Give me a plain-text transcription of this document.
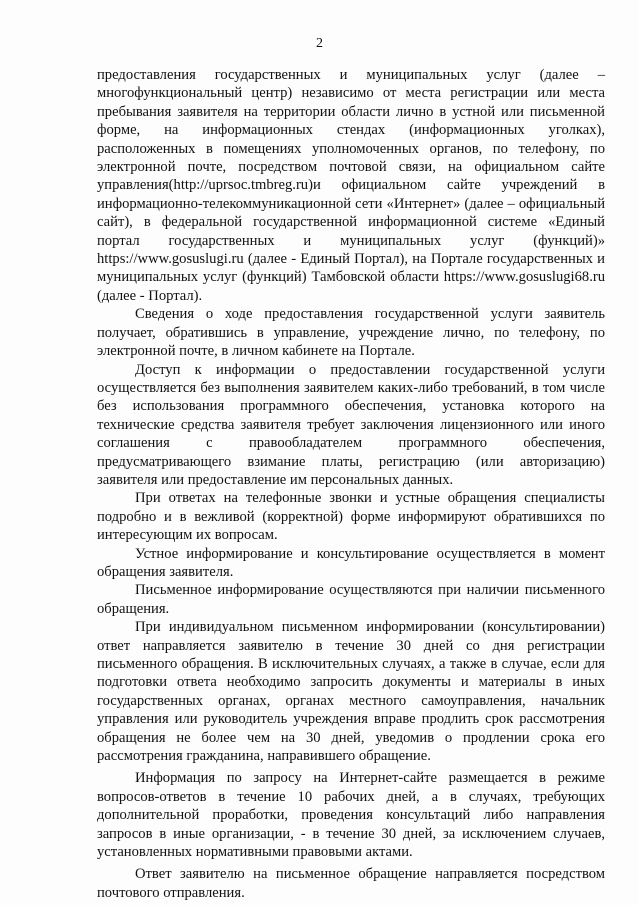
2

предоставления государственных и муниципальных услуг (далее – многофункциональный центр) независимо от места регистрации или места пребывания заявителя на территории области лично в устной или письменной форме, на информационных стендах (информационных уголках), расположенных в помещениях уполномоченных органов, по телефону, по электронной почте, посредством почтовой связи, на официальном сайте управления(http://uprsoc.tmbreg.ru)и официальном сайте учреждений в информационно-телекоммуникационной сети «Интернет» (далее – официальный сайт), в федеральной государственной информационной системе «Единый портал государственных и муниципальных услуг (функций)» https://www.gosuslugi.ru (далее - Единый Портал), на Портале государственных и муниципальных услуг (функций) Тамбовской области https://www.gosuslugi68.ru (далее - Портал).

Сведения о ходе предоставления государственной услуги заявитель получает, обратившись в управление, учреждение лично, по телефону, по электронной почте, в личном кабинете на Портале.

Доступ к информации о предоставлении государственной услуги осуществляется без выполнения заявителем каких-либо требований, в том числе без использования программного обеспечения, установка которого на технические средства заявителя требует заключения лицензионного или иного соглашения с правообладателем программного обеспечения, предусматривающего взимание платы, регистрацию (или авторизацию) заявителя или предоставление им персональных данных.

При ответах на телефонные звонки и устные обращения специалисты подробно и в вежливой (корректной) форме информируют обратившихся по интересующим их вопросам.

Устное информирование и консультирование осуществляется в момент обращения заявителя.

Письменное информирование осуществляются при наличии письменного обращения.

При индивидуальном письменном информировании (консультировании) ответ направляется заявителю в течение 30 дней со дня регистрации письменного обращения. В исключительных случаях, а также в случае, если для подготовки ответа необходимо запросить документы и материалы в иных государственных органах, органах местного самоуправления, начальник управления или руководитель учреждения вправе продлить срок рассмотрения обращения не более чем на 30 дней, уведомив о продлении срока его рассмотрения гражданина, направившего обращение.

Информация по запросу на Интернет-сайте размещается в режиме вопросов-ответов в течение 10 рабочих дней, а в случаях, требующих дополнительной проработки, проведения консультаций либо направления запросов в иные организации, - в течение 30 дней, за исключением случаев, установленных нормативными правовыми актами.

Ответ заявителю на письменное обращение направляется посредством почтового отправления.
